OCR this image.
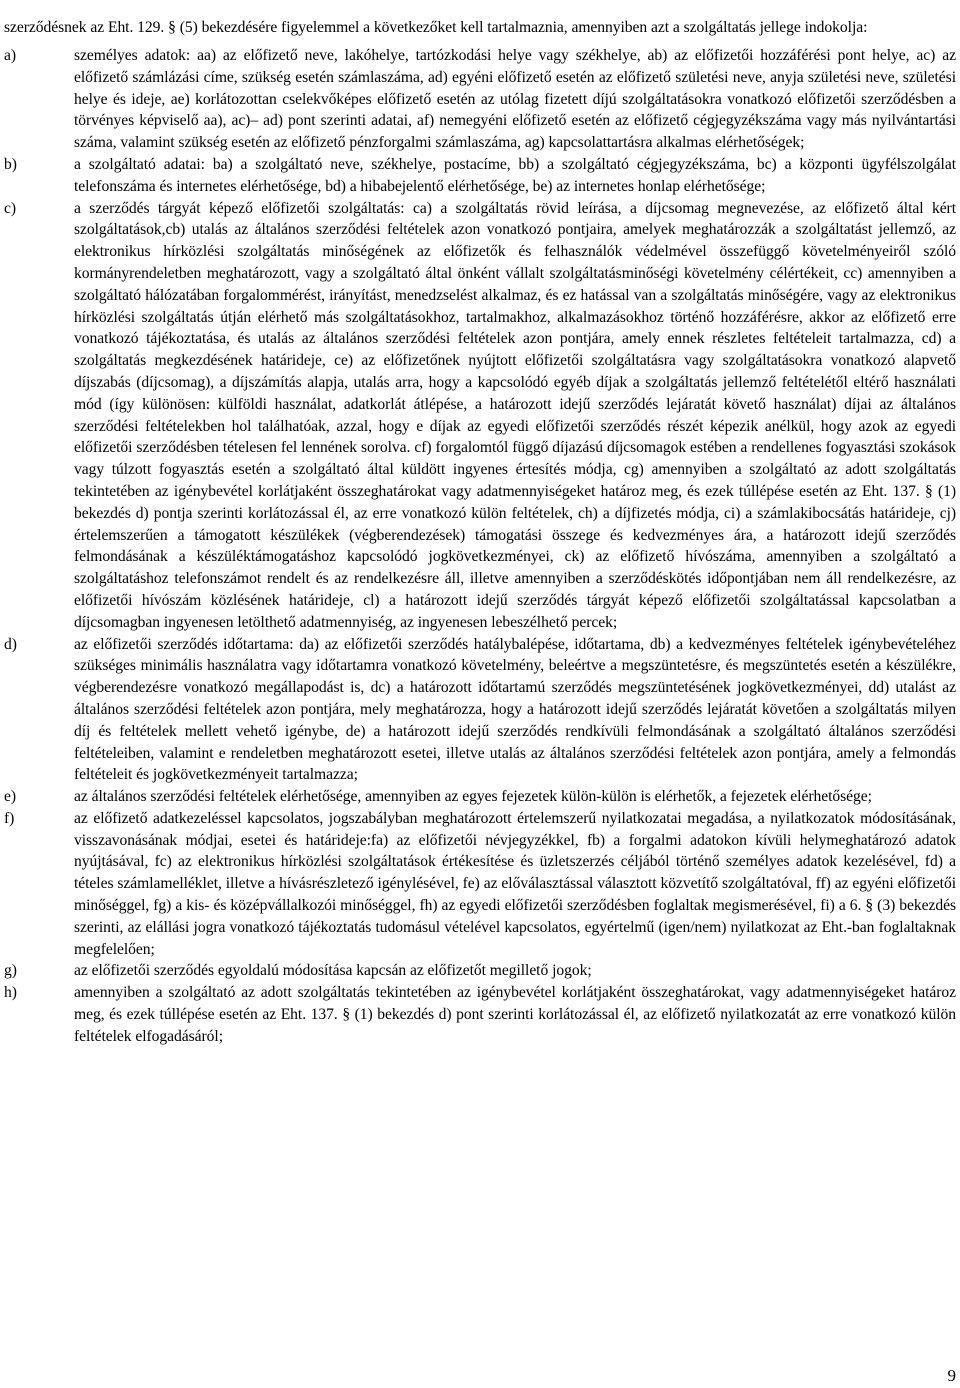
szerződésnek az Eht. 129. § (5) bekezdésére figyelemmel a következőket kell tartalmaznia, amennyiben azt a szolgáltatás jellege indokolja:

a)	személyes adatok: aa) az előfizető neve, lakóhelye, tartózkodási helye vagy székhelye, ab) az előfizetői hozzáférési pont helye, ac) az előfizető számlázási címe, szükség esetén számlaszáma, ad) egyéni előfizető esetén az előfizető születési neve, anyja születési neve, születési helye és ideje, ae) korlátozottan cselekvőképes előfizető esetén az utólag fizetett díjú szolgáltatásokra vonatkozó előfizetői szerződésben a törvényes képviselő aa), ac)– ad) pont szerinti adatai, af) nemegyéni előfizető esetén az előfizető cégjegyzékszáma vagy más nyilvántartási száma, valamint szükség esetén az előfizető pénzforgalmi számlaszáma, ag) kapcsolattartásra alkalmas elérhetőségek;
b)	a szolgáltató adatai: ba) a szolgáltató neve, székhelye, postacíme, bb) a szolgáltató cégjegyzékszáma, bc) a központi ügyfélszolgálat telefonszáma és internetes elérhetősége, bd) a hibabejelentő elérhetősége, be) az internetes honlap elérhetősége;
c)	a szerződés tárgyát képező előfizetői szolgáltatás: ca) a szolgáltatás rövid leírása, a díjcsomag megnevezése, az előfizető által kért szolgáltatások,cb) utalás az általános szerződési feltételek azon vonatkozó pontjaira, amelyek meghatározzák a szolgáltatást jellemző, az elektronikus hírközlési szolgáltatás minőségének az előfizetők és felhasználók védelmével összefüggő követelményeiről szóló kormányrendeletben meghatározott, vagy a szolgáltató által önként vállalt szolgáltatásminőségi követelmény célértékeit, cc) amennyiben a szolgáltató hálózatában forgalommérést, irányítást, menedzselést alkalmaz, és ez hatással van a szolgáltatás minőségére, vagy az elektronikus hírközlési szolgáltatás útján elérhető más szolgáltatásokhoz, tartalmakhoz, alkalmazásokhoz történő hozzáférésre, akkor az előfizető erre vonatkozó tájékoztatása, és utalás az általános szerződési feltételek azon pontjára, amely ennek részletes feltételeit tartalmazza, cd) a szolgáltatás megkezdésének határideje, ce) az előfizetőnek nyújtott előfizetői szolgáltatásra vagy szolgáltatásokra vonatkozó alapvető díjszabás (díjcsomag), a díjszámítás alapja, utalás arra, hogy a kapcsolódó egyéb díjak a szolgáltatás jellemző feltételétől eltérő használati mód (így különösen: külföldi használat, adatkorlát átlépése, a határozott idejű szerződés lejáratát követő használat) díjai az általános szerződési feltételekben hol találhatóak, azzal, hogy e díjak az egyedi előfizetői szerződés részét képezik anélkül, hogy azok az egyedi előfizetői szerződésben tételesen fel lennének sorolva. cf) forgalomtól függő díjazású díjcsomagok estében a rendellenes fogyasztási szokások vagy túlzott fogyasztás esetén a szolgáltató által küldött ingyenes értesítés módja, cg) amennyiben a szolgáltató az adott szolgáltatás tekintetében az igénybevétel korlátjaként összeghatárokat vagy adatmennyiségeket határoz meg, és ezek túllépése esetén az Eht. 137. § (1) bekezdés d) pontja szerinti korlátozással él, az erre vonatkozó külön feltételek, ch) a díjfizetés módja, ci) a számlakibocsátás határideje, cj) értelemszerűen a támogatott készülékek (végberendezések) támogatási összege és kedvezményes ára, a határozott idejű szerződés felmondásának a készüléktámogatáshoz kapcsolódó jogkövetkezményei, ck) az előfizető hívószáma, amennyiben a szolgáltató a szolgáltatáshoz telefonszámot rendelt és az rendelkezésre áll, illetve amennyiben a szerződéskötés időpontjában nem áll rendelkezésre, az előfizetői hívószám közlésének határideje, cl) a határozott idejű szerződés tárgyát képező előfizetői szolgáltatással kapcsolatban a díjcsomagban ingyenesen letölthető adatmennyiség, az ingyenesen lebeszélhető percek;
d)	az előfizetői szerződés időtartama: da) az előfizetői szerződés hatálybalépése, időtartama, db) a kedvezményes feltételek igénybevételéhez szükséges minimális használatra vagy időtartamra vonatkozó követelmény, beleértve a megszüntetésre, és megszüntetés esetén a készülékre, végberendezésre vonatkozó megállapodást is, dc) a határozott időtartamú szerződés megszüntetésének jogkövetkezményei, dd) utalást az általános szerződési feltételek azon pontjára, mely meghatározza, hogy a határozott idejű szerződés lejáratát követően a szolgáltatás milyen díj és feltételek mellett vehető igénybe, de) a határozott idejű szerződés rendkívüli felmondásának a szolgáltató általános szerződési feltételeiben, valamint e rendeletben meghatározott esetei, illetve utalás az általános szerződési feltételek azon pontjára, amely a felmondás feltételeit és jogkövetkezményeit tartalmazza;
e)	az általános szerződési feltételek elérhetősége, amennyiben az egyes fejezetek külön-külön is elérhetők, a fejezetek elérhetősége;
f)	az előfizető adatkezeléssel kapcsolatos, jogszabályban meghatározott értelemszerű nyilatkozatai megadása, a nyilatkozatok módosításának, visszavonásának módjai, esetei és határideje:fa) az előfizetői névjegyzékkel, fb) a forgalmi adatokon kívüli helymeghatározó adatok nyújtásával, fc) az elektronikus hírközlési szolgáltatások értékesítése és üzletszerzés céljából történő személyes adatok kezelésével, fd) a tételes számlamelléklet, illetve a hívásrészletező igénylésével, fe) az előválasztással választott közvetítő szolgáltatóval, ff) az egyéni előfizetői minőséggel, fg) a kis- és középvállalkozói minőséggel, fh) az egyedi előfizetői szerződésben foglaltak megismerésével, fi) a 6. § (3) bekezdés szerinti, az elállási jogra vonatkozó tájékoztatás tudomásul vételével kapcsolatos, egyértelmű (igen/nem) nyilatkozat az Eht.-ban foglaltaknak megfelelően;
g)	az előfizetői szerződés egyoldalú módosítása kapcsán az előfizetőt megillető jogok;
h)	amennyiben a szolgáltató az adott szolgáltatás tekintetében az igénybevétel korlátjaként összeghatárokat, vagy adatmennyiségeket határoz meg, és ezek túllépése esetén az Eht. 137. § (1) bekezdés d) pont szerinti korlátozással él, az előfizető nyilatkozatát az erre vonatkozó külön feltételek elfogadásáról;
9
